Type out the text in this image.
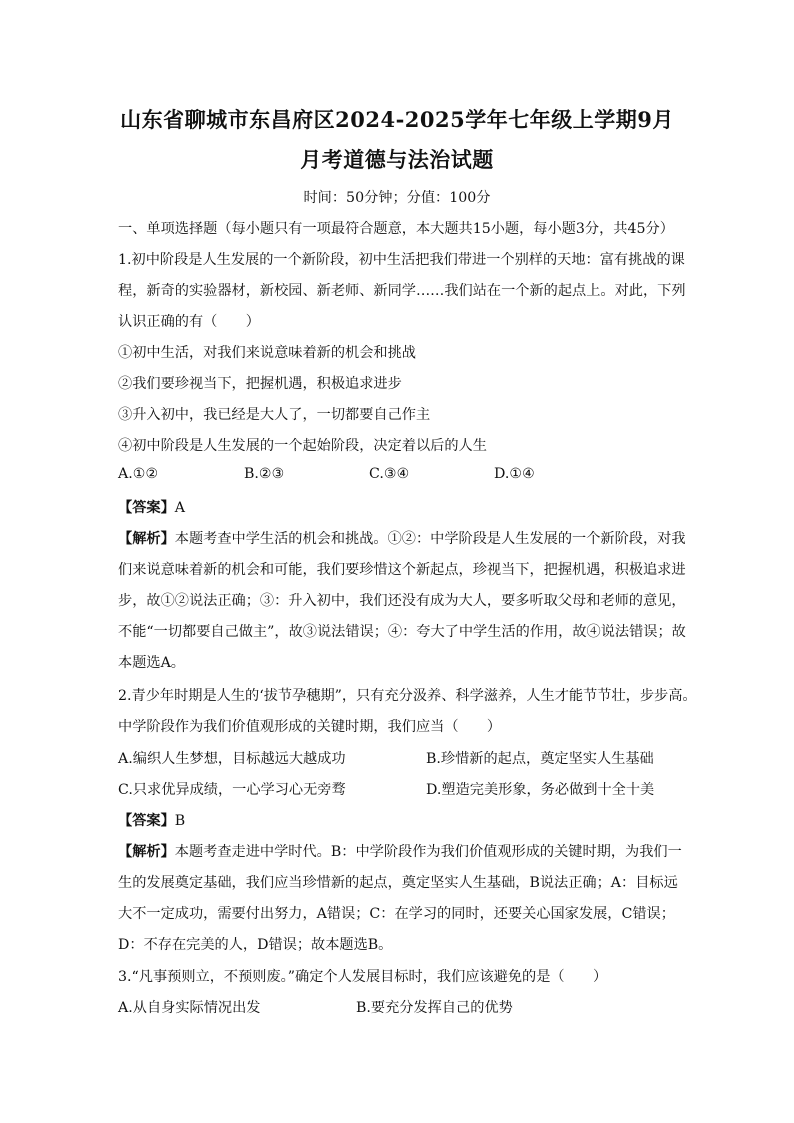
山东省聊城市东昌府区2024-2025学年七年级上学期9月
月考道德与法治试题
时间：50分钟；分值：100分
一、单项选择题（每小题只有一项最符合题意，本大题共15小题，每小题3分，共45分）
1.初中阶段是人生发展的一个新阶段，初中生活把我们带进一个别样的天地：富有挑战的课
程，新奇的实验器材，新校园、新老师、新同学……我们站在一个新的起点上。对此，下列
认识正确的有（　　）
①初中生活，对我们来说意味着新的机会和挑战
②我们要珍视当下，把握机遇，积极追求进步
③升入初中，我已经是大人了，一切都要自己作主
④初中阶段是人生发展的一个起始阶段，决定着以后的人生
A.①②	B.②③	C.③④	D.①④
【答案】A
【解析】本题考查中学生活的机会和挑战。①②：中学阶段是人生发展的一个新阶段，对我
们来说意味着新的机会和可能，我们要珍惜这个新起点，珍视当下，把握机遇，积极追求进
步，故①②说法正确；③：升入初中，我们还没有成为大人，要多听取父母和老师的意见，
不能“一切都要自己做主”，故③说法错误；④：夸大了中学生活的作用，故④说法错误；故
本题选A。
2.青少年时期是人生的‘拔节孕穗期”，只有充分汲养、科学滋养，人生才能节节壮，步步高。
中学阶段作为我们价值观形成的关键时期，我们应当（　　）
A.编织人生梦想，目标越远大越成功	B.珍惜新的起点，奠定坚实人生基础
C.只求优异成绩，一心学习心无旁骛	D.塑造完美形象，务必做到十全十美
【答案】B
【解析】本题考查走进中学时代。B：中学阶段作为我们价值观形成的关键时期，为我们一
生的发展奠定基础，我们应当珍惜新的起点，奠定坚实人生基础，B说法正确；A：目标远
大不一定成功，需要付出努力，A错误；C：在学习的同时，还要关心国家发展，C错误；
D：不存在完美的人，D错误；故本题选B。
3.“凡事预则立，不预则废。”确定个人发展目标时，我们应该避免的是（　　）
A.从自身实际情况出发	B.要充分发挥自己的优势
